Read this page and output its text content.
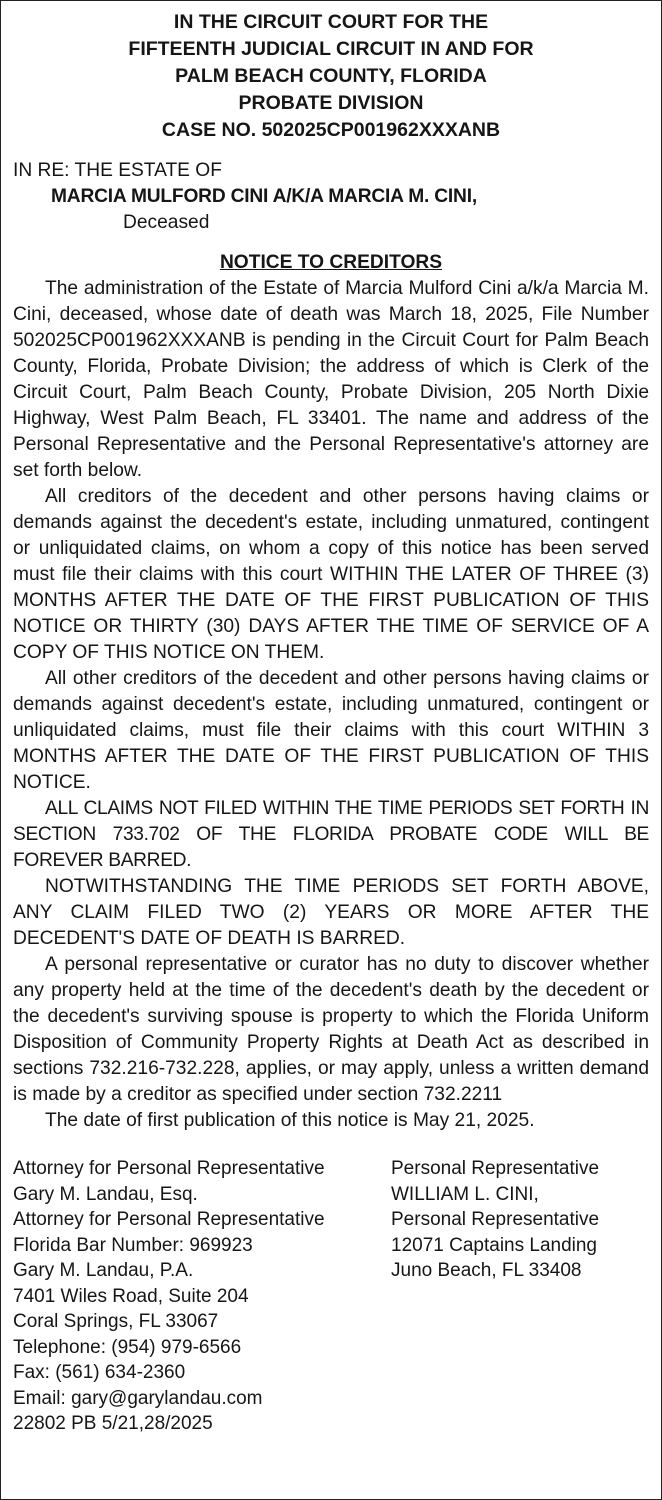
IN THE CIRCUIT COURT FOR THE
FIFTEENTH JUDICIAL CIRCUIT IN AND FOR
PALM BEACH COUNTY, FLORIDA
PROBATE DIVISION
CASE NO. 502025CP001962XXXANB
IN RE: THE ESTATE OF
MARCIA MULFORD CINI A/K/A MARCIA M. CINI,
Deceased
NOTICE TO CREDITORS

The administration of the Estate of Marcia Mulford Cini a/k/a Marcia M. Cini, deceased, whose date of death was March 18, 2025, File Number 502025CP001962XXXANB is pending in the Circuit Court for Palm Beach County, Florida, Probate Division; the address of which is Clerk of the Circuit Court, Palm Beach County, Probate Division, 205 North Dixie Highway, West Palm Beach, FL 33401. The name and address of the Personal Representative and the Personal Representative's attorney are set forth below.

All creditors of the decedent and other persons having claims or demands against the decedent's estate, including unmatured, contingent or unliquidated claims, on whom a copy of this notice has been served must file their claims with this court WITHIN THE LATER OF THREE (3) MONTHS AFTER THE DATE OF THE FIRST PUBLICATION OF THIS NOTICE OR THIRTY (30) DAYS AFTER THE TIME OF SERVICE OF A COPY OF THIS NOTICE ON THEM.

All other creditors of the decedent and other persons having claims or demands against decedent's estate, including unmatured, contingent or unliquidated claims, must file their claims with this court WITHIN 3 MONTHS AFTER THE DATE OF THE FIRST PUBLICATION OF THIS NOTICE.

ALL CLAIMS NOT FILED WITHIN THE TIME PERIODS SET FORTH IN SECTION 733.702 OF THE FLORIDA PROBATE CODE WILL BE FOREVER BARRED.

NOTWITHSTANDING THE TIME PERIODS SET FORTH ABOVE, ANY CLAIM FILED TWO (2) YEARS OR MORE AFTER THE DECEDENT'S DATE OF DEATH IS BARRED.

A personal representative or curator has no duty to discover whether any property held at the time of the decedent's death by the decedent or the decedent's surviving spouse is property to which the Florida Uniform Disposition of Community Property Rights at Death Act as described in sections 732.216-732.228, applies, or may apply, unless a written demand is made by a creditor as specified under section 732.2211

The date of first publication of this notice is May 21, 2025.

Attorney for Personal Representative
Gary M. Landau, Esq.
Attorney for Personal Representative
Florida Bar Number: 969923
Gary M. Landau, P.A.
7401 Wiles Road, Suite 204
Coral Springs, FL 33067
Telephone: (954) 979-6566
Fax: (561) 634-2360
Email: gary@garylandau.com
22802 PB 5/21,28/2025
Personal Representative
WILLIAM L. CINI,
Personal Representative
12071 Captains Landing
Juno Beach, FL 33408
